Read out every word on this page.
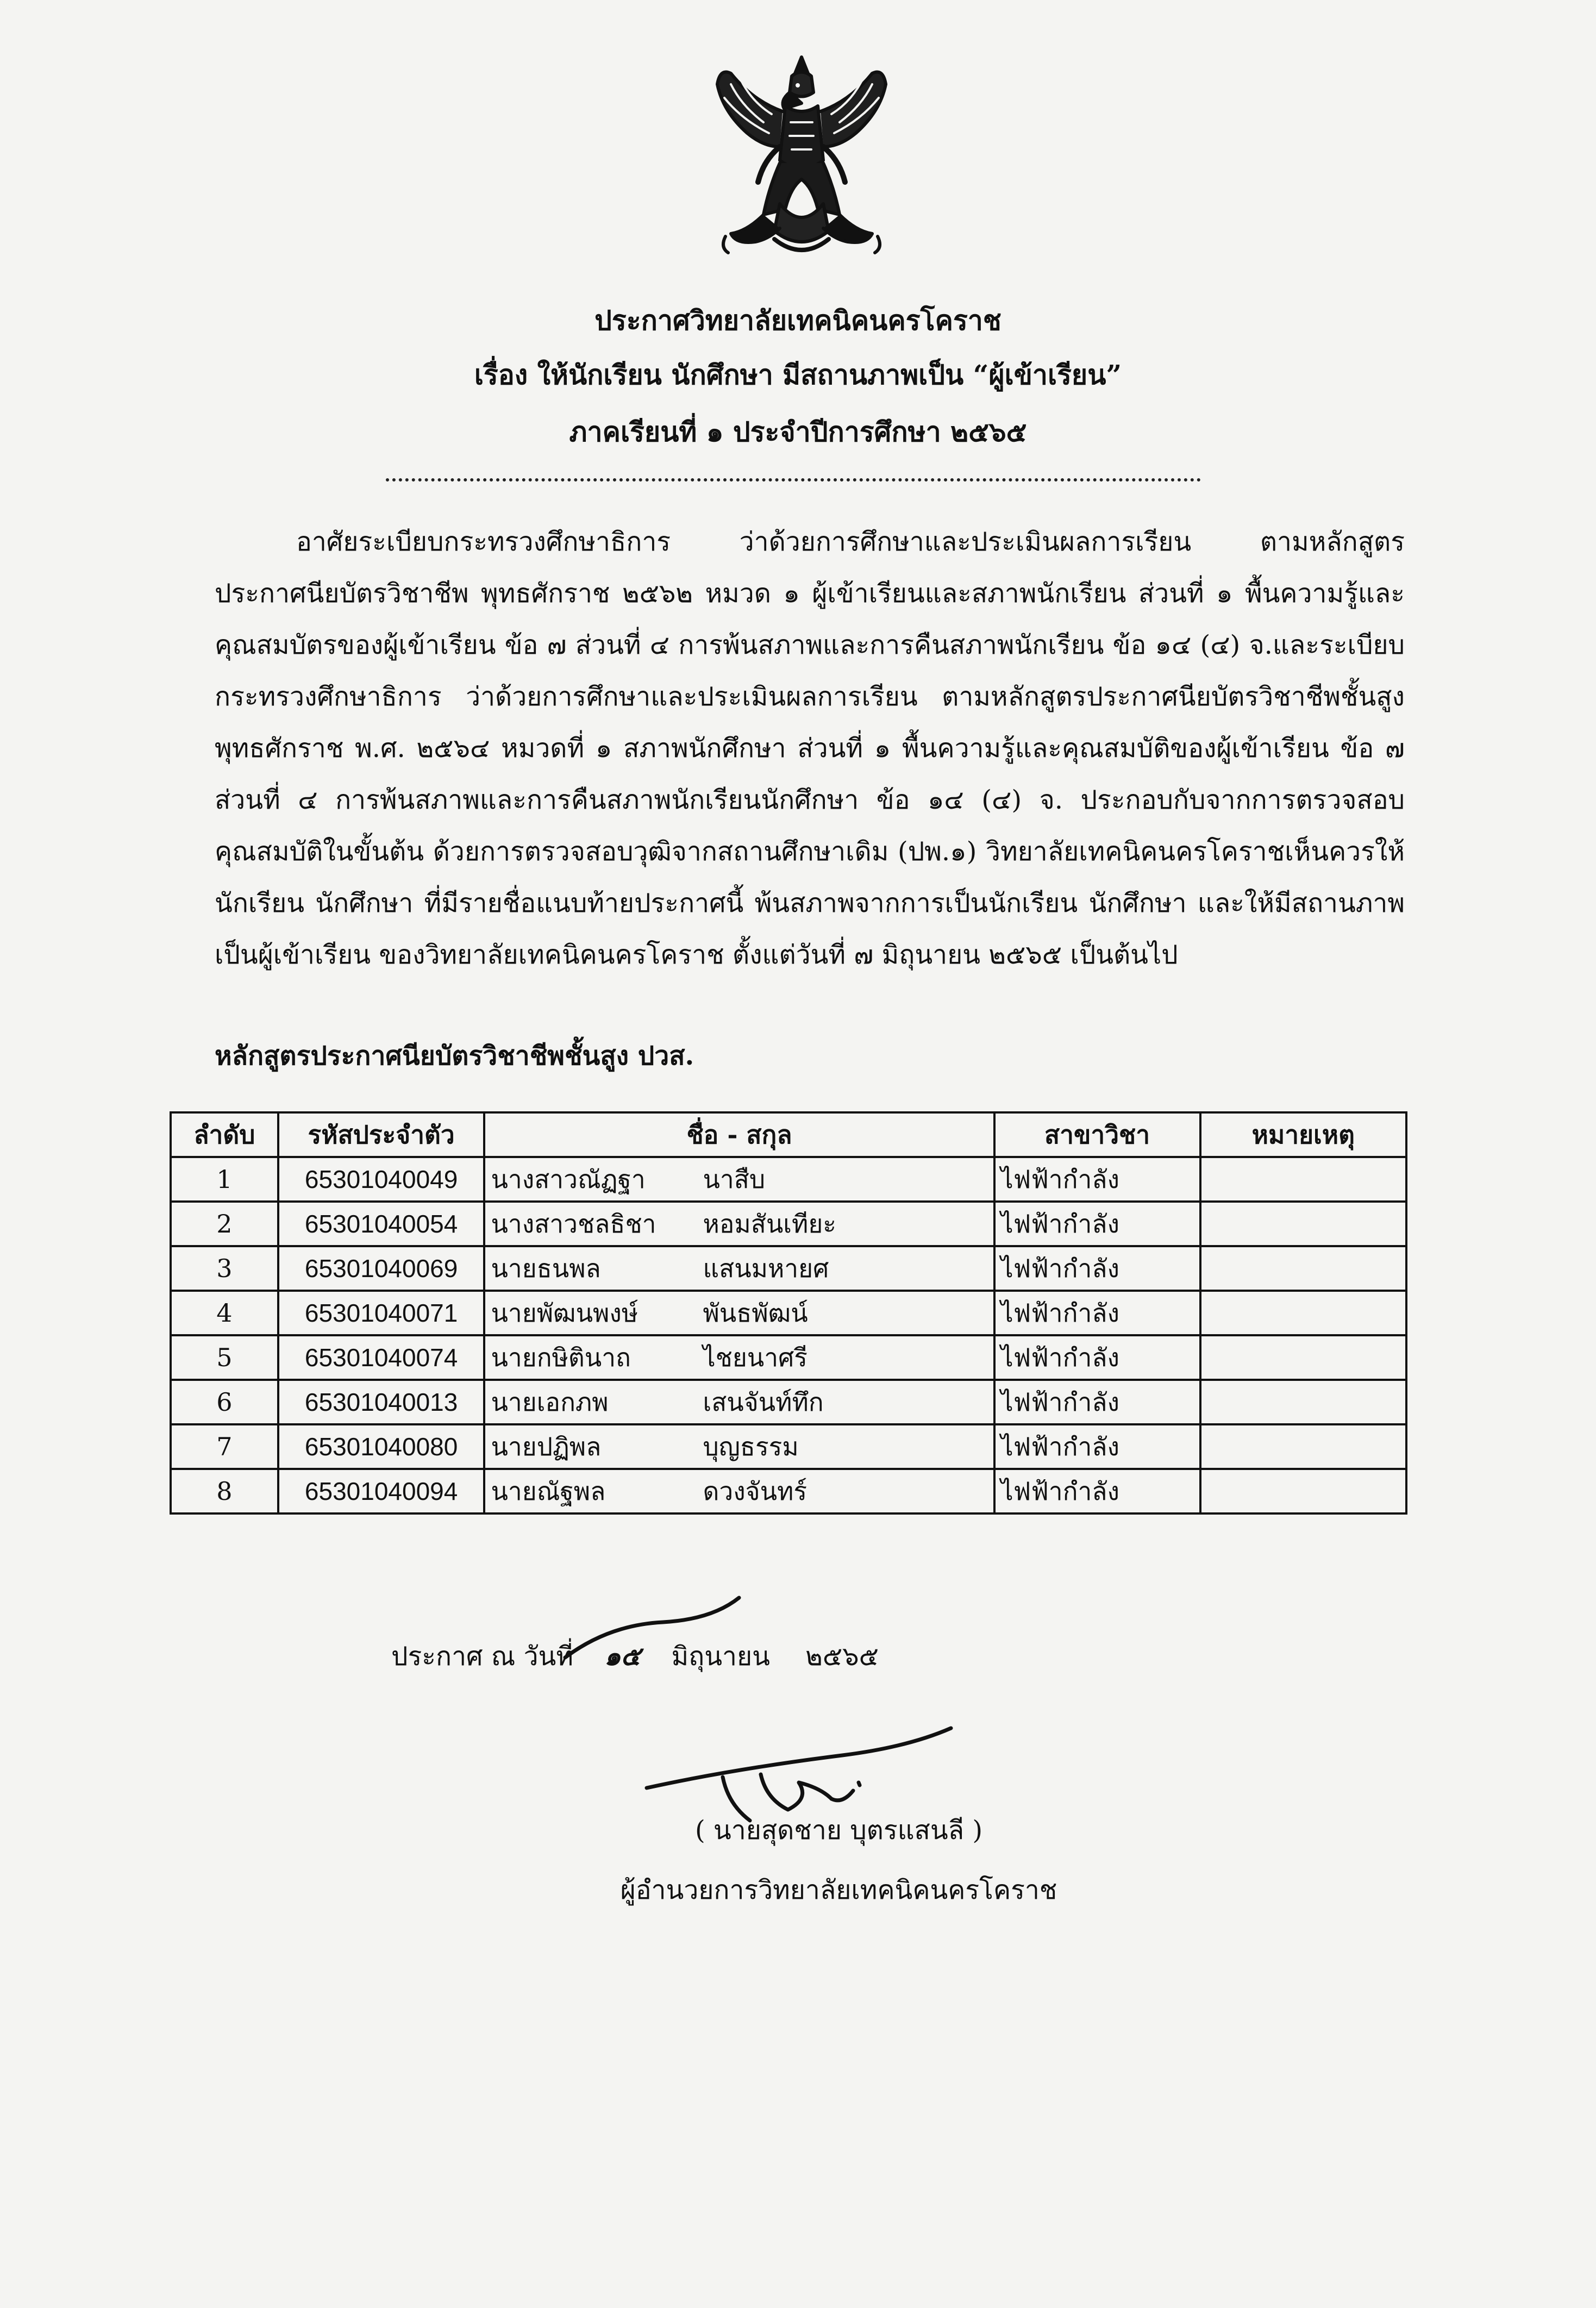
ประกาศวิทยาลัยเทคนิคนครโคราช
เรื่อง ให้นักเรียน นักศึกษา มีสถานภาพเป็น “ผู้เข้าเรียน”
ภาคเรียนที่ ๑ ประจำปีการศึกษา ๒๕๖๕
อาศัยระเบียบกระทรวงศึกษาธิการ ว่าด้วยการศึกษาและประเมินผลการเรียน ตามหลักสูตร
ประกาศนียบัตรวิชาชีพ พุทธศักราช ๒๕๖๒ หมวด ๑ ผู้เข้าเรียนและสภาพนักเรียน ส่วนที่ ๑ พื้นความรู้และ
คุณสมบัตรของผู้เข้าเรียน ข้อ ๗ ส่วนที่ ๔ การพ้นสภาพและการคืนสภาพนักเรียน ข้อ ๑๔ (๔) จ.และระเบียบ
กระทรวงศึกษาธิการ ว่าด้วยการศึกษาและประเมินผลการเรียน ตามหลักสูตรประกาศนียบัตรวิชาชีพชั้นสูง
พุทธศักราช พ.ศ. ๒๕๖๔ หมวดที่ ๑ สภาพนักศึกษา ส่วนที่ ๑ พื้นความรู้และคุณสมบัติของผู้เข้าเรียน ข้อ ๗
ส่วนที่ ๔ การพ้นสภาพและการคืนสภาพนักเรียนนักศึกษา ข้อ ๑๔ (๔) จ. ประกอบกับจากการตรวจสอบ
คุณสมบัติในขั้นต้น ด้วยการตรวจสอบวุฒิจากสถานศึกษาเดิม (ปพ.๑) วิทยาลัยเทคนิคนครโคราชเห็นควรให้
นักเรียน นักศึกษา ที่มีรายชื่อแนบท้ายประกาศนี้ พ้นสภาพจากการเป็นนักเรียน นักศึกษา และให้มีสถานภาพ
เป็นผู้เข้าเรียน ของวิทยาลัยเทคนิคนครโคราช ตั้งแต่วันที่ ๗ มิถุนายน ๒๕๖๕ เป็นต้นไป
หลักสูตรประกาศนียบัตรวิชาชีพชั้นสูง ปวส.
ลำดับ	รหัสประจำตัว	ชื่อ - สกุล	สาขาวิชา	หมายเหตุ
1	65301040049	นางสาวณัฏฐา นาสืบ	ไฟฟ้ากำลัง	
2	65301040054	นางสาวชลธิชา หอมสันเทียะ	ไฟฟ้ากำลัง	
3	65301040069	นายธนพล แสนมหายศ	ไฟฟ้ากำลัง	
4	65301040071	นายพัฒนพงษ์ พันธพัฒน์	ไฟฟ้ากำลัง	
5	65301040074	นายกษิตินาถ ไชยนาศรี	ไฟฟ้ากำลัง	
6	65301040013	นายเอกภพ เสนจันท์ทึก	ไฟฟ้ากำลัง	
7	65301040080	นายปฏิพล บุญธรรม	ไฟฟ้ากำลัง	
8	65301040094	นายณัฐพล ดวงจันทร์	ไฟฟ้ากำลัง	
ประกาศ ณ วันที่ ๑๕ มิถุนายน ๒๕๖๕
( นายสุดชาย บุตรแสนลี )
ผู้อำนวยการวิทยาลัยเทคนิคนครโคราช
